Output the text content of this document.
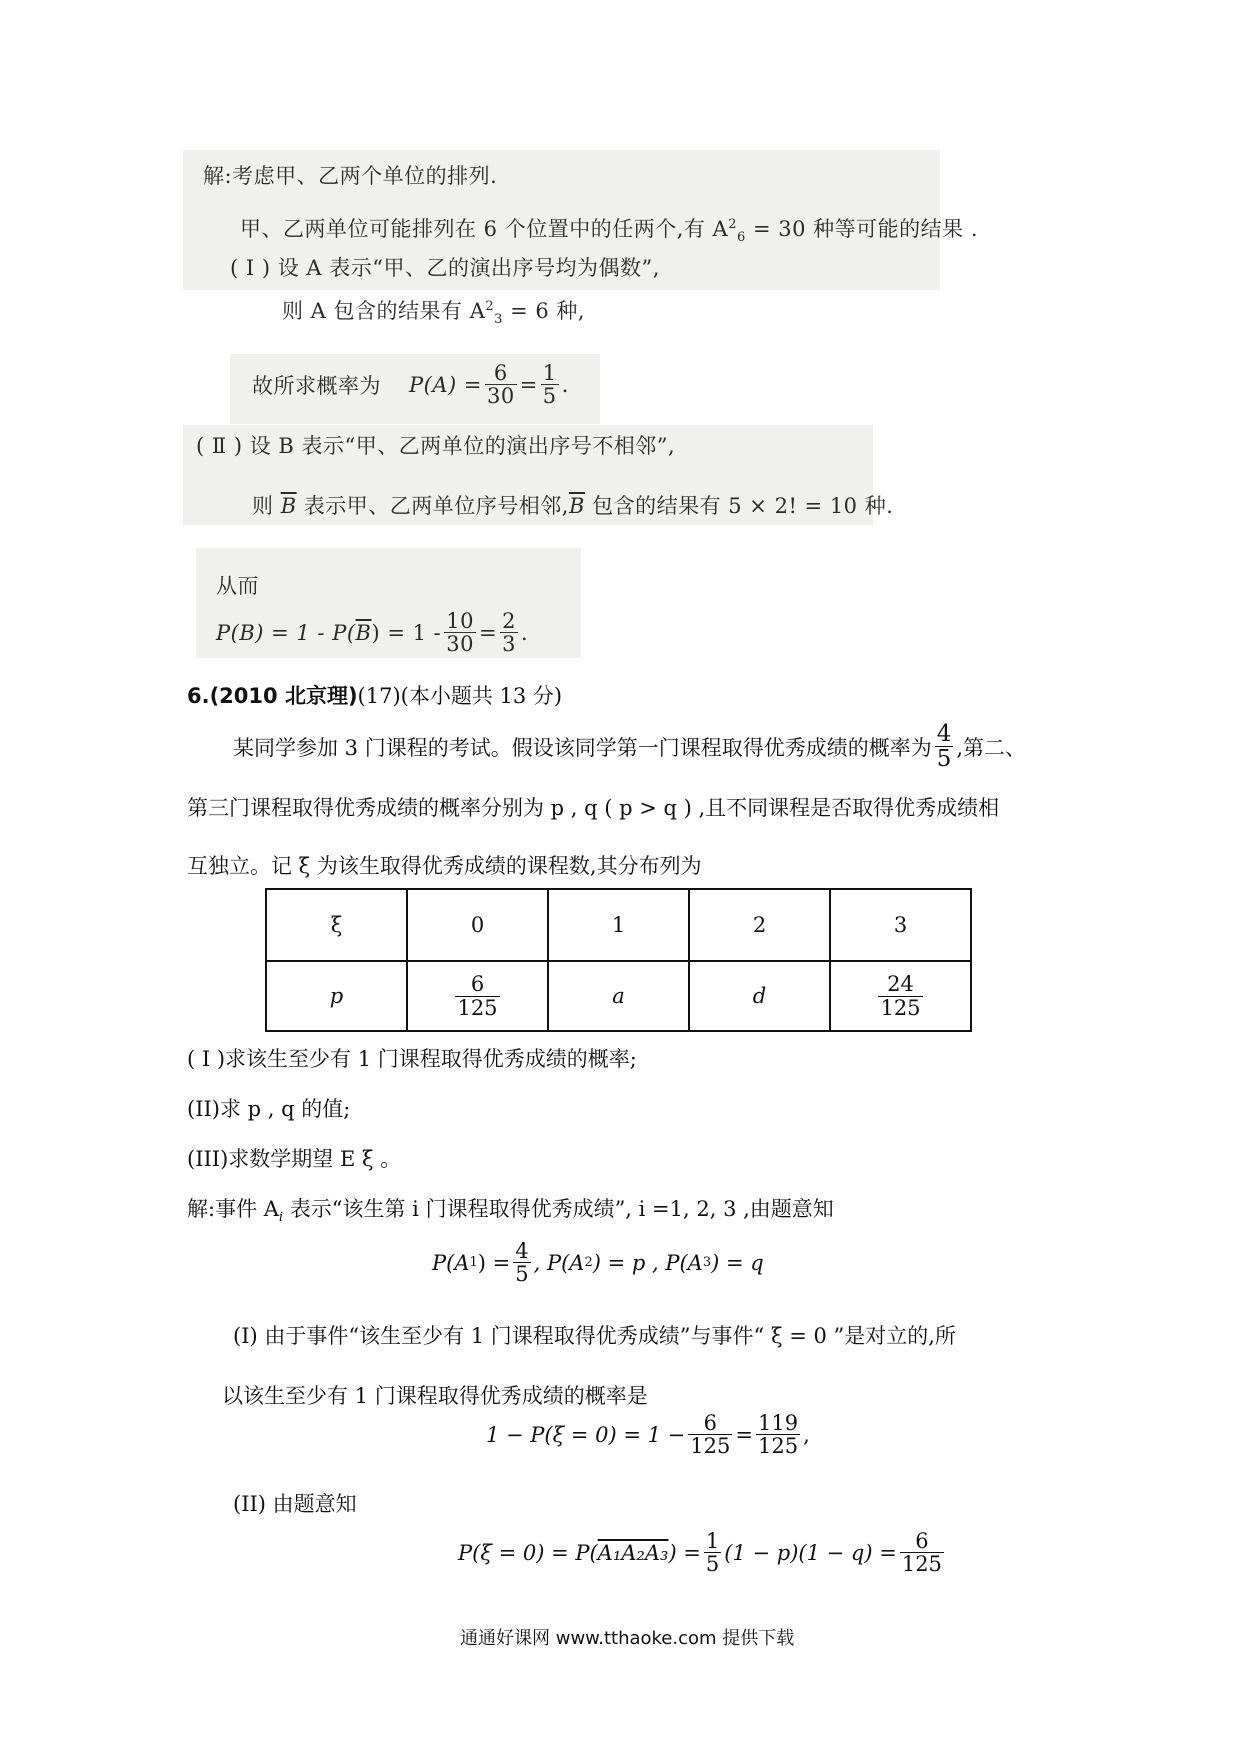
解:考虑甲、乙两个单位的排列.
甲、乙两单位可能排列在 6 个位置中的任两个,有 $A^2_6 = 30$ 种等可能的结果 .
( Ⅰ ) 设 A 表示“甲、乙的演出序号均为偶数”,
则 A 包含的结果有 $A^2_3 = 6$ 种,
故所求概率为 $P(A) = \frac{6}{30} = \frac{1}{5}$ .
( Ⅱ ) 设 B 表示“甲、乙两单位的演出序号不相邻”,
则 $\overline{B}$ 表示甲、乙两单位序号相邻$,\overline{B}$ 包含的结果有 5 × 2! = 10 种.
从而
P(B) = 1 - P( $\overline{B}$ ) = $1 - \frac{10}{30} = \frac{2}{3}$ .
6.(2010 北京理)(17)(本小题共 13 分)
某同学参加 3 门课程的考试。假设该同学第一门课程取得优秀成绩的概率为 $\frac{4}{5}$ ,第二、
第三门课程取得优秀成绩的概率分别为 p , q ( p > q ) ,且不同课程是否取得优秀成绩相
互独立。记 ξ 为该生取得优秀成绩的课程数,其分布列为
ξ	0	1	2	3
p	$\frac{6}{125}$	a	d	$\frac{24}{125}$
( I )求该生至少有 1 门课程取得优秀成绩的概率;
(II)求 p , q 的值;
(III)求数学期望 E ξ 。
解:事件 $A_i$ 表示“该生第 i 门课程取得优秀成绩”, i =1, 2, 3 ,由题意知
P(A 1 ) = $\frac{4}{5}$ , P(A 2 ) = p , P(A 3 ) = q
(I) 由于事件“该生至少有 1 门课程取得优秀成绩”与事件“ ξ = 0 ”是对立的,所
以该生至少有 1 门课程取得优秀成绩的概率是
$1 - P(\xi = 0) = 1 - \frac{6}{125} = \frac{119}{125}$ ,
(II) 由题意知
P(ξ = 0) = P( A₁A₂A₃ ) = $\frac{1}{5} (1 - p)(1 - q) = \frac{6}{125}$
通通好课网 www.tthaoke.com 提供下载
